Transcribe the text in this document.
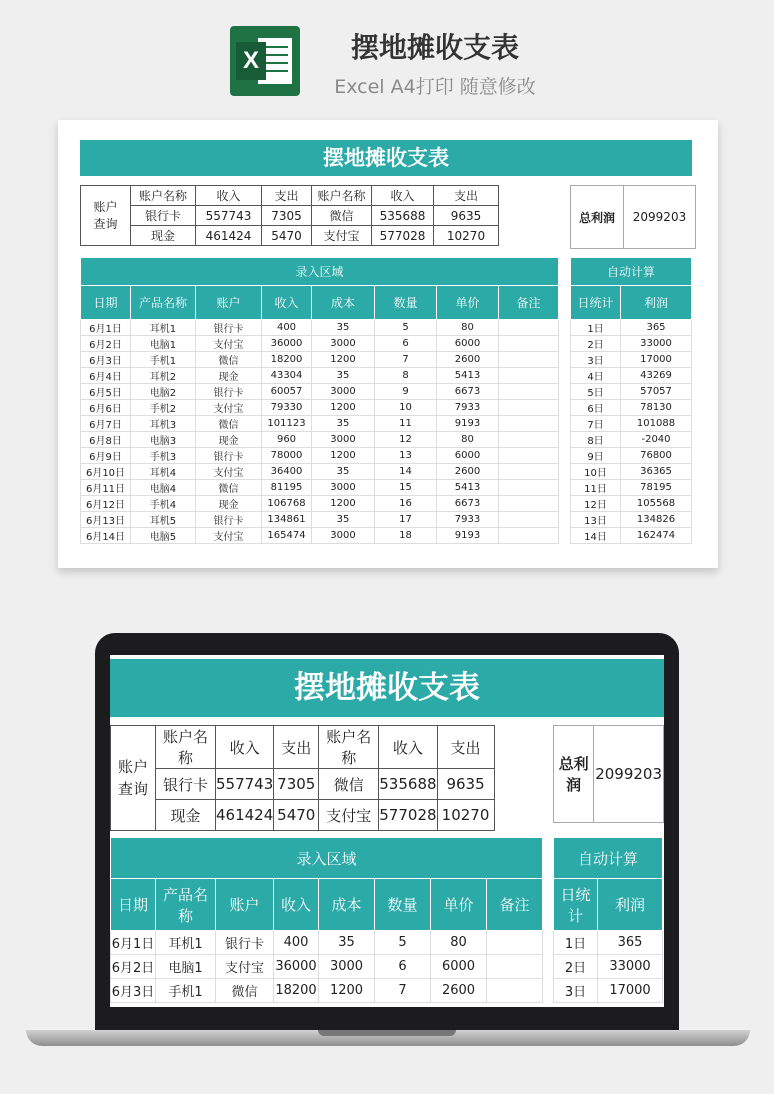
X	摆地摊收支表
Excel A4打印 随意修改
摆地摊收支表
账户查询	账户名称	收入	支出	账户名称	收入	支出
	银行卡	557743	7305	微信	535688	9635
	现金	461424	5470	支付宝	577028	10270
总利润	2099203
录入区域							
日期	产品名称	账户	收入	成本	数量	单价	备注
6月1日	耳机1	银行卡	400	35	5	80	
6月2日	电脑1	支付宝	36000	3000	6	6000	
6月3日	手机1	微信	18200	1200	7	2600	
6月4日	耳机2	现金	43304	35	8	5413	
6月5日	电脑2	银行卡	60057	3000	9	6673	
6月6日	手机2	支付宝	79330	1200	10	7933	
6月7日	耳机3	微信	101123	35	11	9193	
6月8日	电脑3	现金	960	3000	12	80	
6月9日	手机3	银行卡	78000	1200	13	6000	
6月10日	耳机4	支付宝	36400	35	14	2600	
6月11日	电脑4	微信	81195	3000	15	5413	
6月12日	手机4	现金	106768	1200	16	6673	
6月13日	耳机5	银行卡	134861	35	17	7933	
6月14日	电脑5	支付宝	165474	3000	18	9193	
自动计算	
日统计	利润
1日	365
2日	33000
3日	17000
4日	43269
5日	57057
6日	78130
7日	101088
8日	-2040
9日	76800
10日	36365
11日	78195
12日	105568
13日	134826
14日	162474
摆地摊收支表
账户查询	账户名称	收入	支出	账户名称	收入	支出
	银行卡	557743	7305	微信	535688	9635
	现金	461424	5470	支付宝	577028	10270
总利润	2099203
录入区域							
日期	产品名称	账户	收入	成本	数量	单价	备注
6月1日	耳机1	银行卡	400	35	5	80	
6月2日	电脑1	支付宝	36000	3000	6	6000	
6月3日	手机1	微信	18200	1200	7	2600	
自动计算	
日统计	利润
1日	365
2日	33000
3日	17000
